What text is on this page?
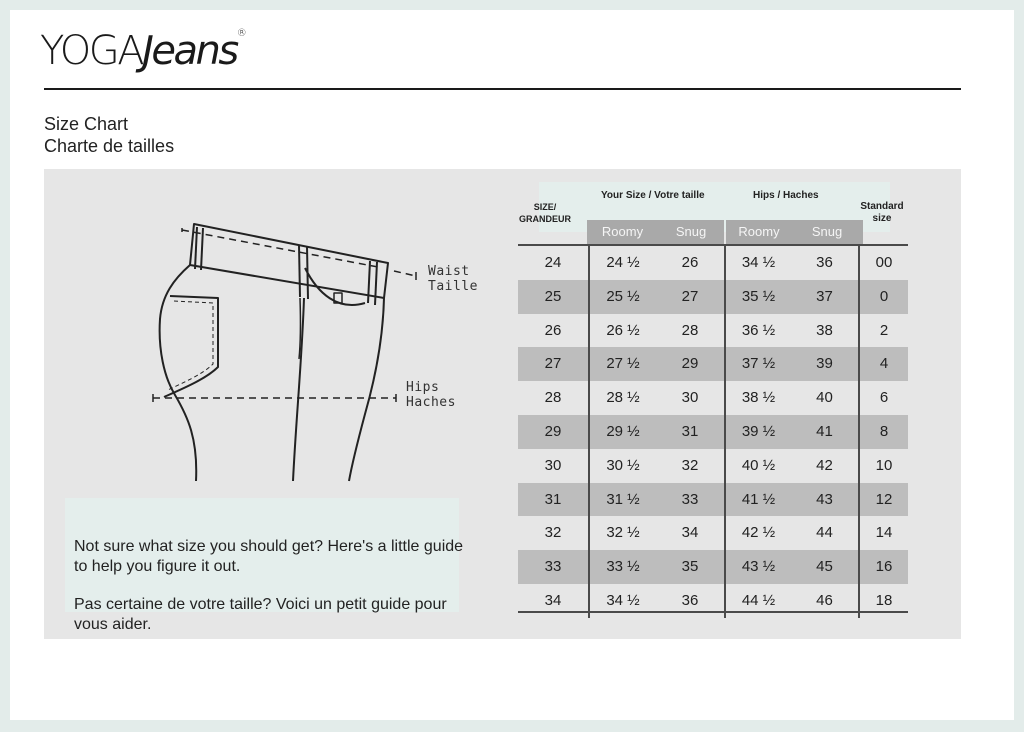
YOGAJeans®
Size Chart
Charte de tailles
Waist
Taille
Hips
Haches

Not sure what size you should get? Here's a little guide to help you figure it out.

Pas certaine de votre taille? Voici un petit guide pour vous aider.

Your Size / Votre taille	Hips / Haches
SIZE/
GRANDEUR
Standard
size
Roomy	Snug	Roomy	Snug
24	24 ½	26	34 ½	36	00
25	25 ½	27	35 ½	37	0
26	26 ½	28	36 ½	38	2
27	27 ½	29	37 ½	39	4
28	28 ½	30	38 ½	40	6
29	29 ½	31	39 ½	41	8
30	30 ½	32	40 ½	42	10
31	31 ½	33	41 ½	43	12
32	32 ½	34	42 ½	44	14
33	33 ½	35	43 ½	45	16
34	34 ½	36	44 ½	46	18
